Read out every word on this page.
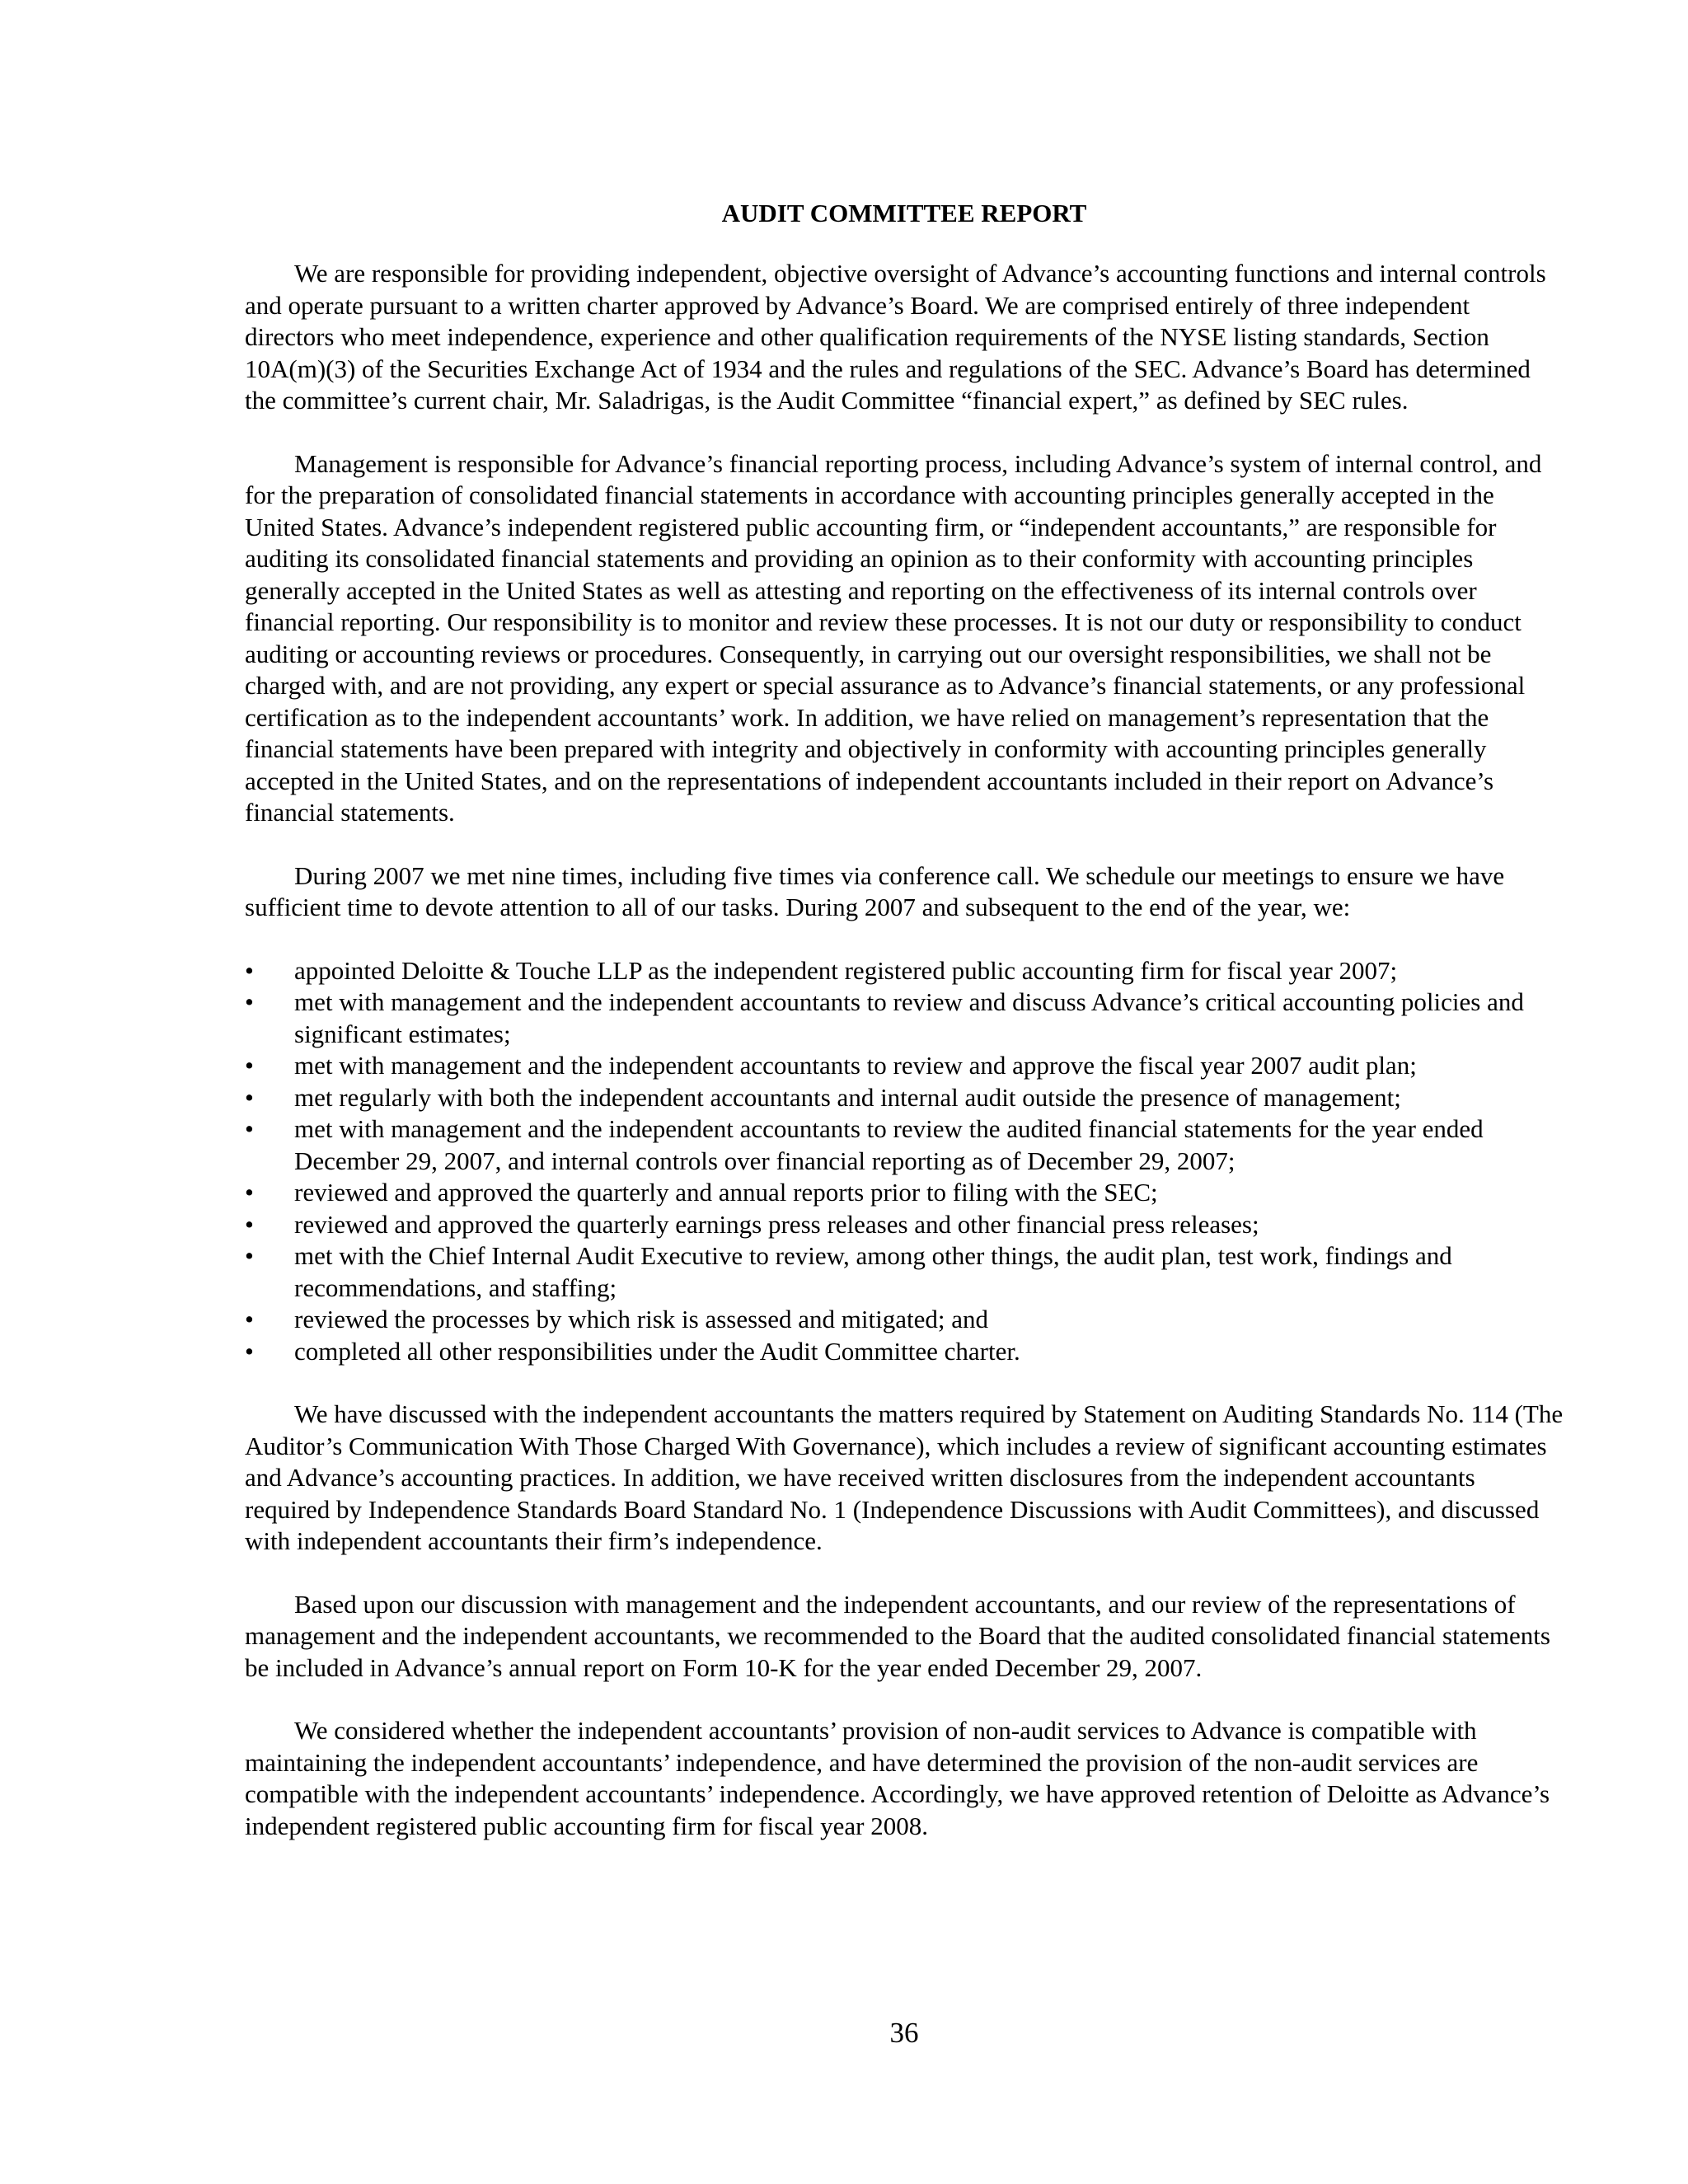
AUDIT COMMITTEE REPORT

We are responsible for providing independent, objective oversight of Advance’s accounting functions and internal controls and operate pursuant to a written charter approved by Advance’s Board. We are comprised entirely of three independent directors who meet independence, experience and other qualification requirements of the NYSE listing standards, Section 10A(m)(3) of the Securities Exchange Act of 1934 and the rules and regulations of the SEC. Advance’s Board has determined the committee’s current chair, Mr. Saladrigas, is the Audit Committee “financial expert,” as defined by SEC rules.

Management is responsible for Advance’s financial reporting process, including Advance’s system of internal control, and for the preparation of consolidated financial statements in accordance with accounting principles generally accepted in the United States. Advance’s independent registered public accounting firm, or “independent accountants,” are responsible for auditing its consolidated financial statements and providing an opinion as to their conformity with accounting principles generally accepted in the United States as well as attesting and reporting on the effectiveness of its internal controls over financial reporting. Our responsibility is to monitor and review these processes. It is not our duty or responsibility to conduct auditing or accounting reviews or procedures. Consequently, in carrying out our oversight responsibilities, we shall not be charged with, and are not providing, any expert or special assurance as to Advance’s financial statements, or any professional certification as to the independent accountants’ work. In addition, we have relied on management’s representation that the financial statements have been prepared with integrity and objectively in conformity with accounting principles generally accepted in the United States, and on the representations of independent accountants included in their report on Advance’s financial statements.

During 2007 we met nine times, including five times via conference call. We schedule our meetings to ensure we have sufficient time to devote attention to all of our tasks. During 2007 and subsequent to the end of the year, we:

• appointed Deloitte & Touche LLP as the independent registered public accounting firm for fiscal year 2007;
• met with management and the independent accountants to review and discuss Advance’s critical accounting policies and significant estimates;
• met with management and the independent accountants to review and approve the fiscal year 2007 audit plan;
• met regularly with both the independent accountants and internal audit outside the presence of management;
• met with management and the independent accountants to review the audited financial statements for the year ended December 29, 2007, and internal controls over financial reporting as of December 29, 2007;
• reviewed and approved the quarterly and annual reports prior to filing with the SEC;
• reviewed and approved the quarterly earnings press releases and other financial press releases;
• met with the Chief Internal Audit Executive to review, among other things, the audit plan, test work, findings and recommendations, and staffing;
• reviewed the processes by which risk is assessed and mitigated; and
• completed all other responsibilities under the Audit Committee charter.

We have discussed with the independent accountants the matters required by Statement on Auditing Standards No. 114 (The Auditor’s Communication With Those Charged With Governance), which includes a review of significant accounting estimates and Advance’s accounting practices. In addition, we have received written disclosures from the independent accountants required by Independence Standards Board Standard No. 1 (Independence Discussions with Audit Committees), and discussed with independent accountants their firm’s independence.

Based upon our discussion with management and the independent accountants, and our review of the representations of management and the independent accountants, we recommended to the Board that the audited consolidated financial statements be included in Advance’s annual report on Form 10-K for the year ended December 29, 2007.

We considered whether the independent accountants’ provision of non-audit services to Advance is compatible with maintaining the independent accountants’ independence, and have determined the provision of the non-audit services are compatible with the independent accountants’ independence. Accordingly, we have approved retention of Deloitte as Advance’s independent registered public accounting firm for fiscal year 2008.

36
